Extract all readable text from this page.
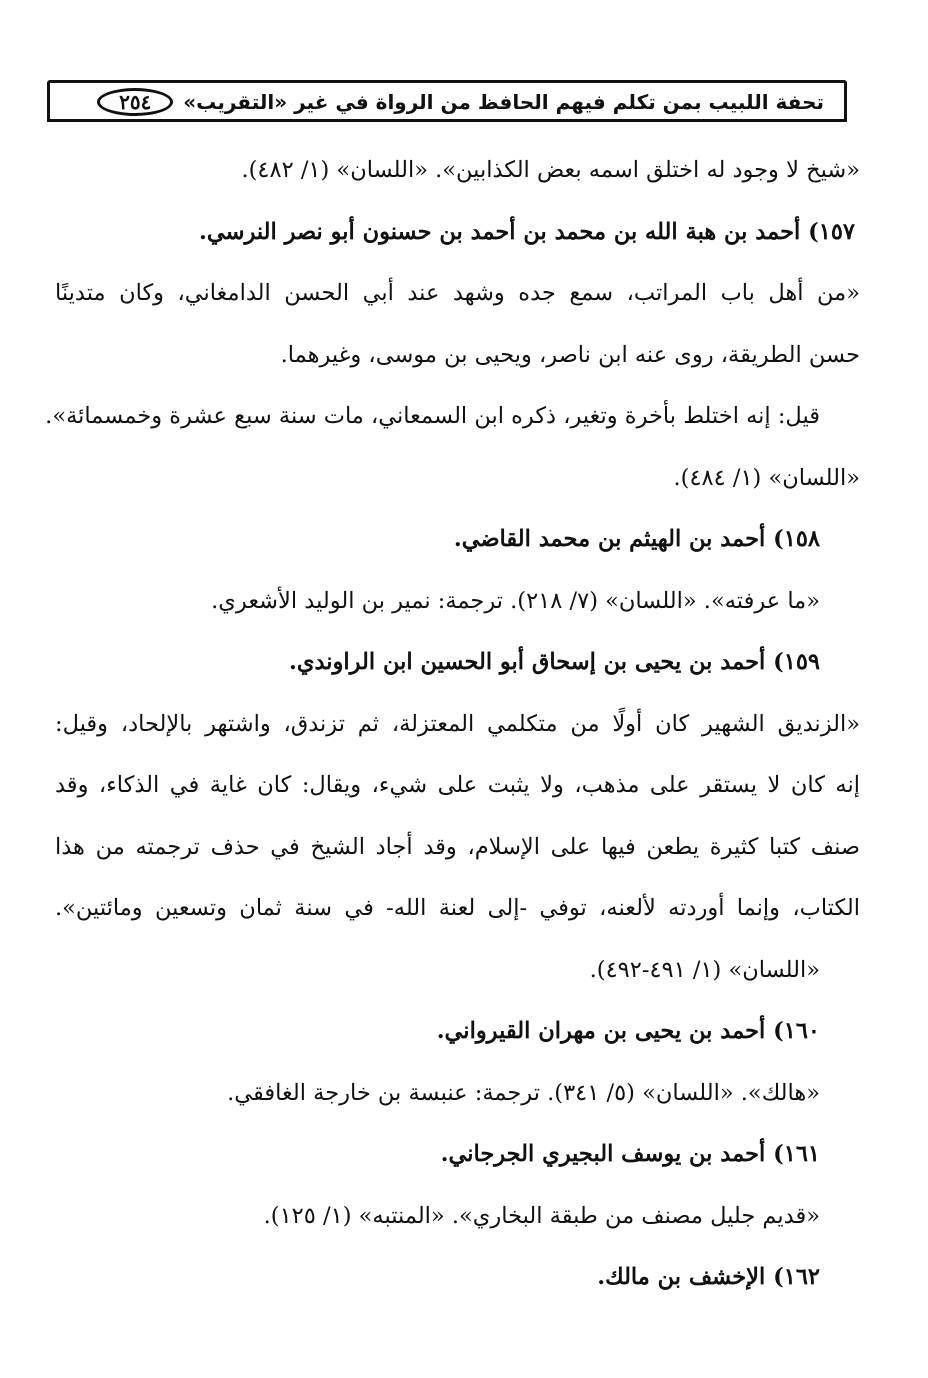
٢٥٤	تحفة اللبيب بمن تكلم فيهم الحافظ من الرواة في غير «التقريب»
«شيخ لا وجود له اختلق اسمه بعض الكذابين». «اللسان» (١/ ٤٨٢).
١٥٧) أحمد بن هبة الله بن محمد بن أحمد بن حسنون أبو نصر النرسي.
«من أهل باب المراتب، سمع جده وشهد عند أبي الحسن الدامغاني، وكان متدينًا
حسن الطريقة، روى عنه ابن ناصر، ويحيى بن موسى، وغيرهما.
قيل: إنه اختلط بأخرة وتغير، ذكره ابن السمعاني، مات سنة سبع عشرة وخمسمائة».
«اللسان» (١/ ٤٨٤).
١٥٨) أحمد بن الهيثم بن محمد القاضي.
«ما عرفته». «اللسان» (٧/ ٢١٨). ترجمة: نمير بن الوليد الأشعري.
١٥٩) أحمد بن يحيى بن إسحاق أبو الحسين ابن الراوندي.
«الزنديق الشهير كان أولًا من متكلمي المعتزلة، ثم تزندق، واشتهر بالإلحاد، وقيل:
إنه كان لا يستقر على مذهب، ولا يثبت على شيء، ويقال: كان غاية في الذكاء، وقد
صنف كتبا كثيرة يطعن فيها على الإسلام، وقد أجاد الشيخ في حذف ترجمته من هذا
الكتاب، وإنما أوردته لألعنه، توفي -إلى لعنة الله- في سنة ثمان وتسعين ومائتين».
«اللسان» (١/ ٤٩١-٤٩٢).
١٦٠) أحمد بن يحيى بن مهران القيرواني.
«هالك». «اللسان» (٥/ ٣٤١). ترجمة: عنبسة بن خارجة الغافقي.
١٦١) أحمد بن يوسف البجيري الجرجاني.
«قديم جليل مصنف من طبقة البخاري». «المنتبه» (١/ ١٢٥).
١٦٢) الإخشف بن مالك.
